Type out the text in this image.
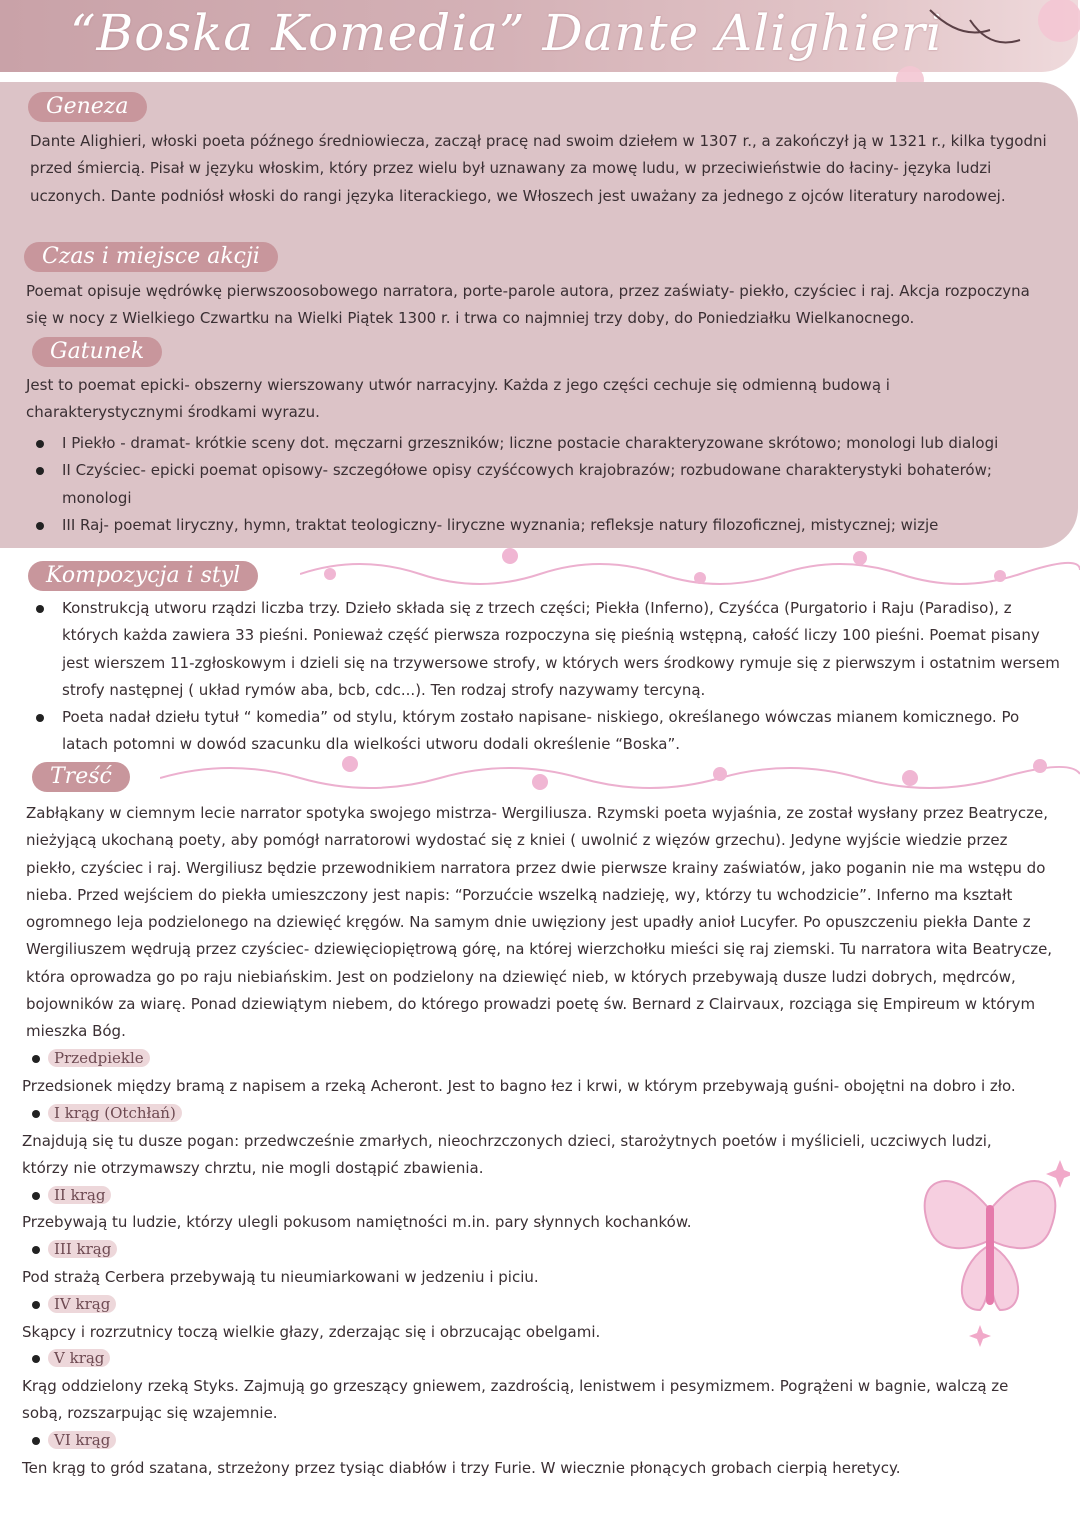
“Boska Komedia” Dante Alighieri
Geneza

Dante Alighieri, włoski poeta późnego średniowiecza, zaczął pracę nad swoim dziełem w 1307 r., a zakończył ją w 1321 r., kilka tygodni przed śmiercią. Pisał w języku włoskim, który przez wielu był uznawany za mowę ludu, w przeciwieństwie do łaciny- języka ludzi uczonych. Dante podniósł włoski do rangi języka literackiego, we Włoszech jest uważany za jednego z ojców literatury narodowej.

Czas i miejsce akcji

Poemat opisuje wędrówkę pierwszoosobowego narratora, porte-parole autora, przez zaświaty- piekło, czyściec i raj. Akcja rozpoczyna się w nocy z Wielkiego Czwartku na Wielki Piątek 1300 r. i trwa co najmniej trzy doby, do Poniedziałku Wielkanocnego.

Gatunek

Jest to poemat epicki- obszerny wierszowany utwór narracyjny. Każda z jego części cechuje się odmienną budową i charakterystycznymi środkami wyrazu.

I Piekło - dramat- krótkie sceny dot. męczarni grzeszników; liczne postacie charakteryzowane skrótowo; monologi lub dialogi
II Czyściec- epicki poemat opisowy- szczegółowe opisy czyśćcowych krajobrazów; rozbudowane charakterystyki bohaterów; monologi
III Raj- poemat liryczny, hymn, traktat teologiczny- liryczne wyznania; refleksje natury filozoficznej, mistycznej; wizje
Kompozycja i styl
Konstrukcją utworu rządzi liczba trzy. Dzieło składa się z trzech części; Piekła (Inferno), Czyśćca (Purgatorio i Raju (Paradiso), z których każda zawiera 33 pieśni. Ponieważ część pierwsza rozpoczyna się pieśnią wstępną, całość liczy 100 pieśni. Poemat pisany jest wierszem 11-zgłoskowym i dzieli się na trzywersowe strofy, w których wers środkowy rymuje się z pierwszym i ostatnim wersem strofy następnej ( układ rymów aba, bcb, cdc...). Ten rodzaj strofy nazywamy tercyną.
Poeta nadał dziełu tytuł “ komedia” od stylu, którym zostało napisane- niskiego, określanego wówczas mianem komicznego. Po latach potomni w dowód szacunku dla wielkości utworu dodali określenie “Boska”.
Treść

Zabłąkany w ciemnym lecie narrator spotyka swojego mistrza- Wergiliusza. Rzymski poeta wyjaśnia, ze został wysłany przez Beatrycze, nieżyjącą ukochaną poety, aby pomógł narratorowi wydostać się z kniei ( uwolnić z więzów grzechu). Jedyne wyjście wiedzie przez piekło, czyściec i raj. Wergiliusz będzie przewodnikiem narratora przez dwie pierwsze krainy zaświatów, jako poganin nie ma wstępu do nieba. Przed wejściem do piekła umieszczony jest napis: “Porzućcie wszelką nadzieję, wy, którzy tu wchodzicie”. Inferno ma kształt ogromnego leja podzielonego na dziewięć kręgów. Na samym dnie uwięziony jest upadły anioł Lucyfer. Po opuszczeniu piekła Dante z Wergiliuszem wędrują przez czyściec- dziewięciopiętrową górę, na której wierzchołku mieści się raj ziemski. Tu narratora wita Beatrycze, która oprowadza go po raju niebiańskim. Jest on podzielony na dziewięć nieb, w których przebywają dusze ludzi dobrych, mędrców, bojowników za wiarę. Ponad dziewiątym niebem, do którego prowadzi poetę św. Bernard z Clairvaux, rozciąga się Empireum w którym mieszka Bóg.

Przedpiekle
Przedsionek między bramą z napisem a rzeką Acheront. Jest to bagno łez i krwi, w którym przebywają guśni- obojętni na dobro i zło.
I krąg (Otchłań)
Znajdują się tu dusze pogan: przedwcześnie zmarłych, nieochrzczonych dzieci, starożytnych poetów i myślicieli, uczciwych ludzi, którzy nie otrzymawszy chrztu, nie mogli dostąpić zbawienia.
II krąg
Przebywają tu ludzie, którzy ulegli pokusom namiętności m.in. pary słynnych kochanków.
III krąg
Pod strażą Cerbera przebywają tu nieumiarkowani w jedzeniu i piciu.
IV krąg
Skąpcy i rozrzutnicy toczą wielkie głazy, zderzając się i obrzucając obelgami.
V krąg
Krąg oddzielony rzeką Styks. Zajmują go grzeszący gniewem, zazdrością, lenistwem i pesymizmem. Pogrążeni w bagnie, walczą ze sobą, rozszarpując się wzajemnie.
VI krąg
Ten krąg to gród szatana, strzeżony przez tysiąc diabłów i trzy Furie. W wiecznie płonących grobach cierpią heretycy.
